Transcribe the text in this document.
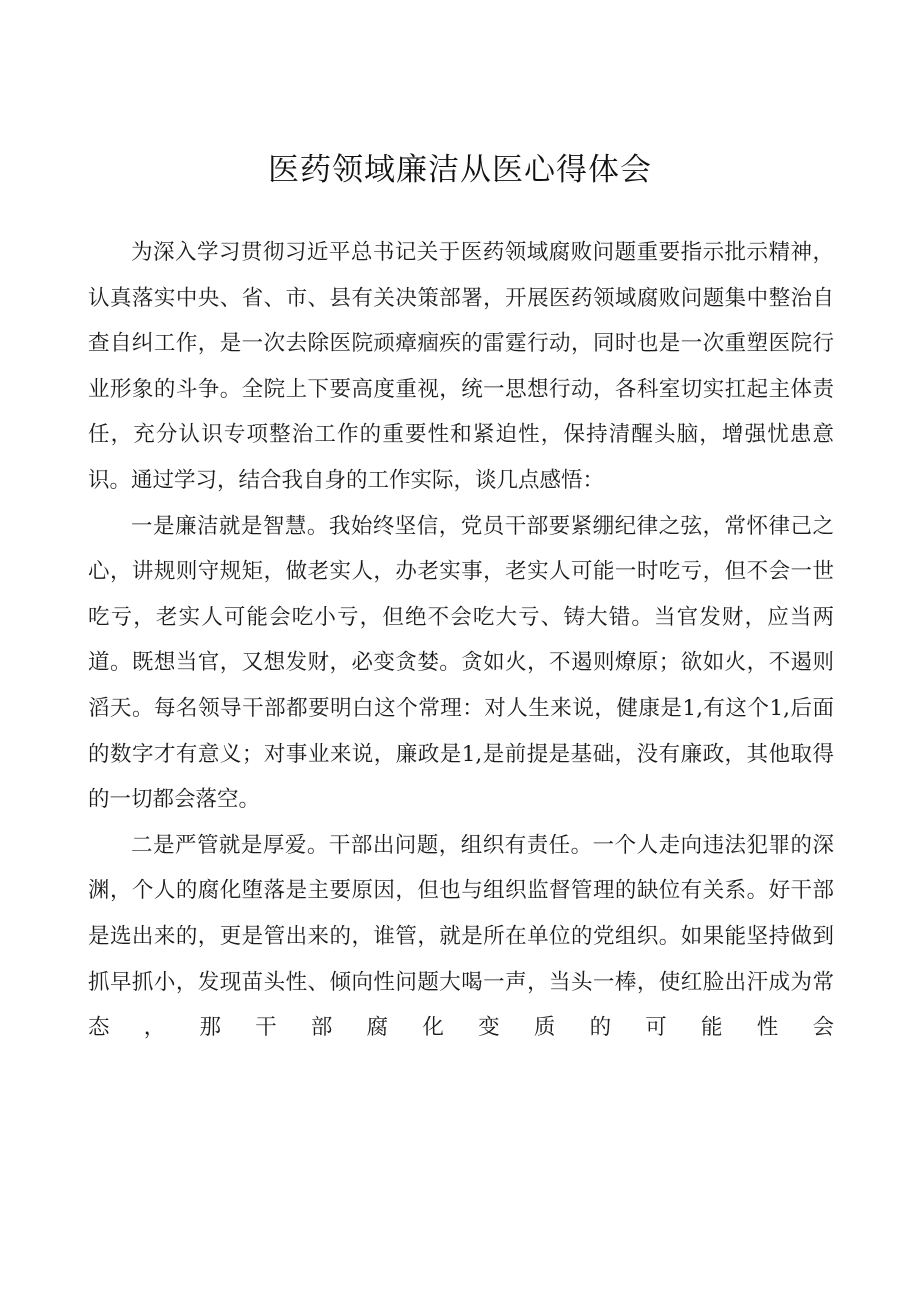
医药领域廉洁从医心得体会

为深入学习贯彻习近平总书记关于医药领域腐败问题重要指示批示精神，认真落实中央、省、市、县有关决策部署，开展医药领域腐败问题集中整治自查自纠工作，是一次去除医院顽瘴痼疾的雷霆行动，同时也是一次重塑医院行业形象的斗争。全院上下要高度重视，统一思想行动，各科室切实扛起主体责任，充分认识专项整治工作的重要性和紧迫性，保持清醒头脑，增强忧患意识。通过学习，结合我自身的工作实际，谈几点感悟：

一是廉洁就是智慧。我始终坚信，党员干部要紧绷纪律之弦，常怀律己之心，讲规则守规矩，做老实人，办老实事，老实人可能一时吃亏，但不会一世吃亏，老实人可能会吃小亏，但绝不会吃大亏、铸大错。当官发财，应当两道。既想当官，又想发财，必变贪婪。贪如火，不遏则燎原；欲如火，不遏则滔天。每名领导干部都要明白这个常理：对人生来说，健康是1,有这个1,后面的数字才有意义；对事业来说，廉政是1,是前提是基础，没有廉政，其他取得的一切都会落空。

二是严管就是厚爱。干部出问题，组织有责任。一个人走向违法犯罪的深渊，个人的腐化堕落是主要原因，但也与组织监督管理的缺位有关系。好干部是选出来的，更是管出来的，谁管，就是所在单位的党组织。如果能坚持做到抓早抓小，发现苗头性、倾向性问题大喝一声，当头一棒，使红脸出汗成为常态，那干部腐化变质的可能性会
